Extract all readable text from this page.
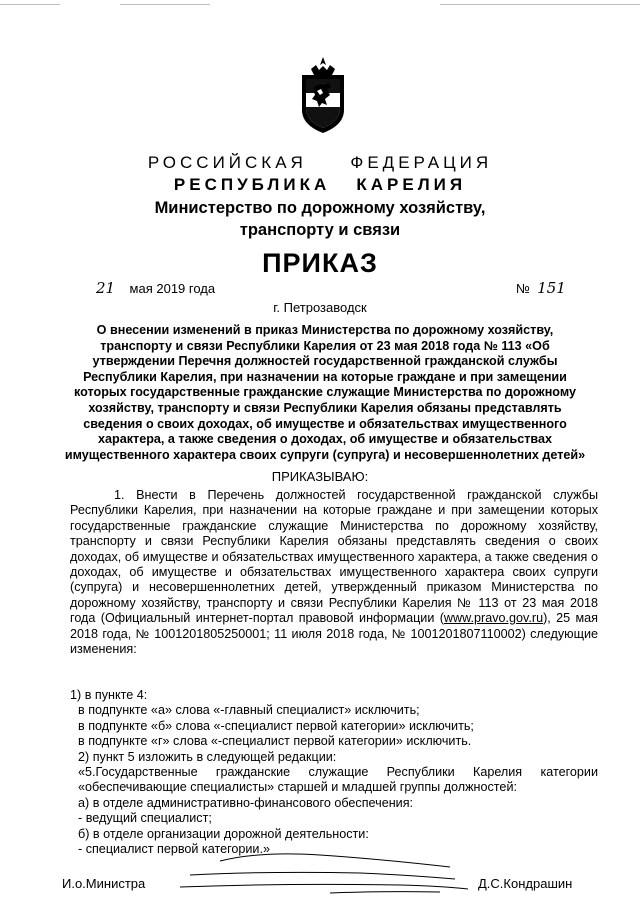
РОССИЙСКАЯ     ФЕДЕРАЦИЯ
РЕСПУБЛИКА   КАРЕЛИЯ
Министерство по дорожному хозяйству,
транспорту и связи
ПРИКАЗ
21 мая 2019 года	№ 151
г. Петрозаводск
О внесении изменений в приказ Министерства по дорожному хозяйству, транспорту и связи Республики Карелия от 23 мая 2018 года № 113 «Об утверждении Перечня должностей государственной гражданской службы Республики Карелия, при назначении на которые граждане и при замещении которых государственные гражданские служащие Министерства по дорожному хозяйству, транспорту и связи Республики Карелия обязаны представлять сведения о своих доходах, об имуществе и обязательствах имущественного характера, а также сведения о доходах, об имуществе и обязательствах имущественного характера своих супруги (супруга) и несовершеннолетних детей»
ПРИКАЗЫВАЮ:

1. Внести в Перечень должностей государственной гражданской службы Республики Карелия, при назначении на которые граждане и при замещении которых государственные гражданские служащие Министерства по дорожному хозяйству, транспорту и связи Республики Карелия обязаны представлять сведения о своих доходах, об имуществе и обязательствах имущественного характера, а также сведения о доходах, об имуществе и обязательствах имущественного характера своих супруги (супруга) и несовершеннолетних детей, утвержденный приказом Министерства по дорожному хозяйству, транспорту и связи Республики Карелия № 113 от 23 мая 2018 года (Официальный интернет-портал правовой информации (www.pravo.gov.ru), 25 мая 2018 года, № 1001201805250001; 11 июля 2018 года, № 1001201807110002) следующие изменения:

1) в пункте 4:
в подпункте «а» слова «-главный специалист» исключить;
в подпункте «б» слова «-специалист первой категории» исключить;
в подпункте «г» слова «-специалист первой категории» исключить.
2) пункт 5 изложить в следующей редакции:
«5.Государственные гражданские служащие Республики Карелия категории «обеспечивающие специалисты» старшей и младшей группы должностей:
а) в отделе административно-финансового обеспечения:
- ведущий специалист;
б) в отделе организации дорожной деятельности:
- специалист первой категории.»
И.о.Министра	Д.С.Кондрашин
